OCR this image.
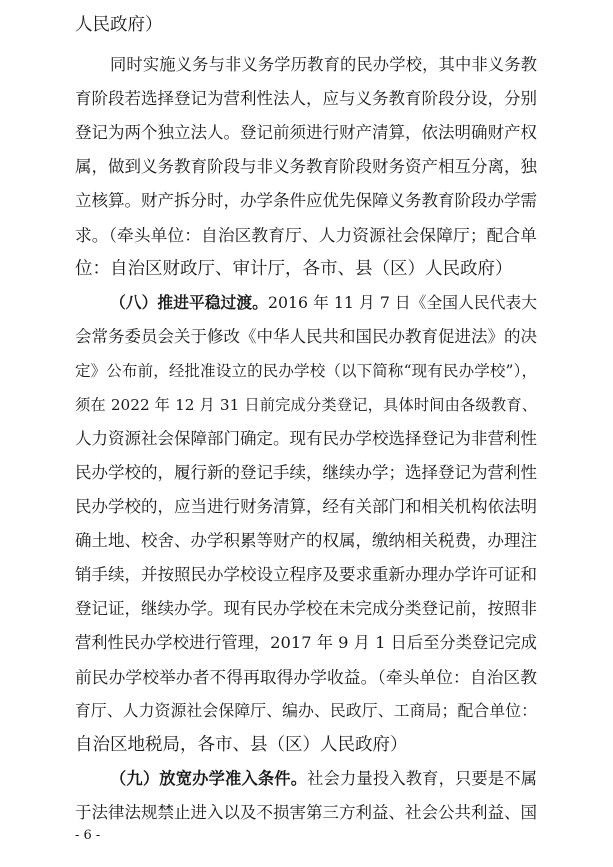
人民政府）
同时实施义务与非义务学历教育的民办学校，其中非义务教
育阶段若选择登记为营利性法人，应与义务教育阶段分设，分别
登记为两个独立法人。登记前须进行财产清算，依法明确财产权
属，做到义务教育阶段与非义务教育阶段财务资产相互分离，独
立核算。财产拆分时，办学条件应优先保障义务教育阶段办学需
求。（牵头单位：自治区教育厅、人力资源社会保障厅；配合单
位：自治区财政厅、审计厅，各市、县（区）人民政府）
（八）推进平稳过渡。2016 年 11 月 7 日《全国人民代表大
会常务委员会关于修改《中华人民共和国民办教育促进法》的决
定》公布前，经批准设立的民办学校（以下简称“现有民办学校”），
须在 2022 年 12 月 31 日前完成分类登记，具体时间由各级教育、
人力资源社会保障部门确定。现有民办学校选择登记为非营利性
民办学校的，履行新的登记手续，继续办学；选择登记为营利性
民办学校的，应当进行财务清算，经有关部门和相关机构依法明
确土地、校舍、办学积累等财产的权属，缴纳相关税费，办理注
销手续，并按照民办学校设立程序及要求重新办理办学许可证和
登记证，继续办学。现有民办学校在未完成分类登记前，按照非
营利性民办学校进行管理，2017 年 9 月 1 日后至分类登记完成
前民办学校举办者不得再取得办学收益。（牵头单位：自治区教
育厅、人力资源社会保障厅、编办、民政厅、工商局；配合单位：
自治区地税局，各市、县（区）人民政府）
（九）放宽办学准入条件。社会力量投入教育，只要是不属
于法律法规禁止进入以及不损害第三方利益、社会公共利益、国
- 6 -
